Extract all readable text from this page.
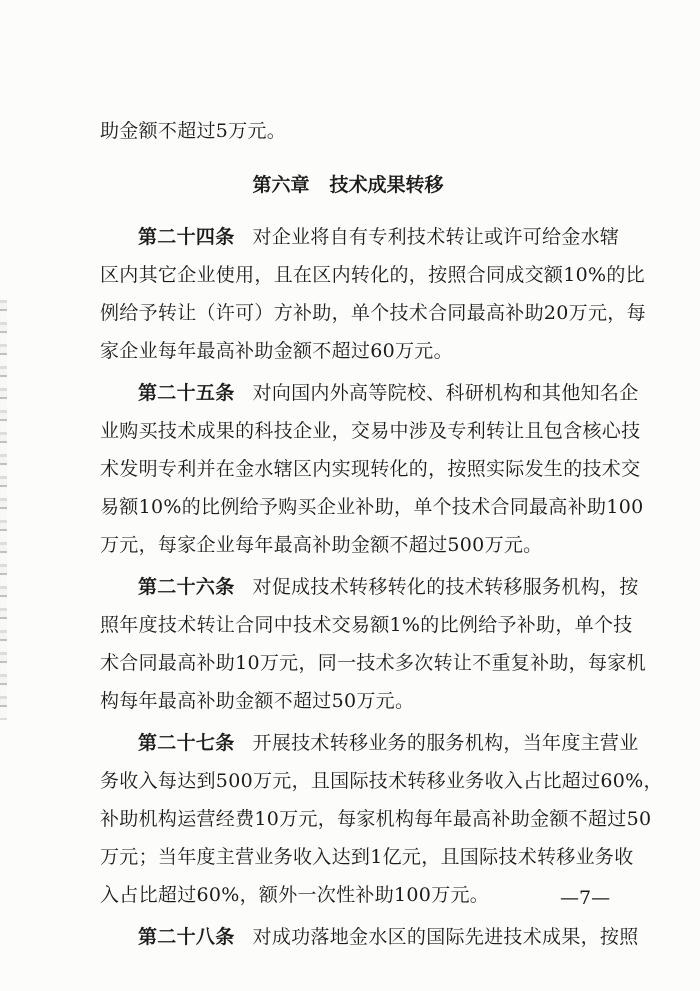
助金额不超过5万元。
第六章 技术成果转移
第二十四条 对企业将自有专利技术转让或许可给金水辖
区内其它企业使用，且在区内转化的，按照合同成交额10%的比
例给予转让（许可）方补助，单个技术合同最高补助20万元，每
家企业每年最高补助金额不超过60万元。
第二十五条 对向国内外高等院校、科研机构和其他知名企
业购买技术成果的科技企业，交易中涉及专利转让且包含核心技
术发明专利并在金水辖区内实现转化的，按照实际发生的技术交
易额10%的比例给予购买企业补助，单个技术合同最高补助100
万元，每家企业每年最高补助金额不超过500万元。
第二十六条 对促成技术转移转化的技术转移服务机构，按
照年度技术转让合同中技术交易额1%的比例给予补助，单个技
术合同最高补助10万元，同一技术多次转让不重复补助，每家机
构每年最高补助金额不超过50万元。
第二十七条 开展技术转移业务的服务机构，当年度主营业
务收入每达到500万元，且国际技术转移业务收入占比超过60%，
补助机构运营经费10万元，每家机构每年最高补助金额不超过50
万元；当年度主营业务收入达到1亿元，且国际技术转移业务收
入占比超过60%，额外一次性补助100万元。
第二十八条 对成功落地金水区的国际先进技术成果，按照
—7—
